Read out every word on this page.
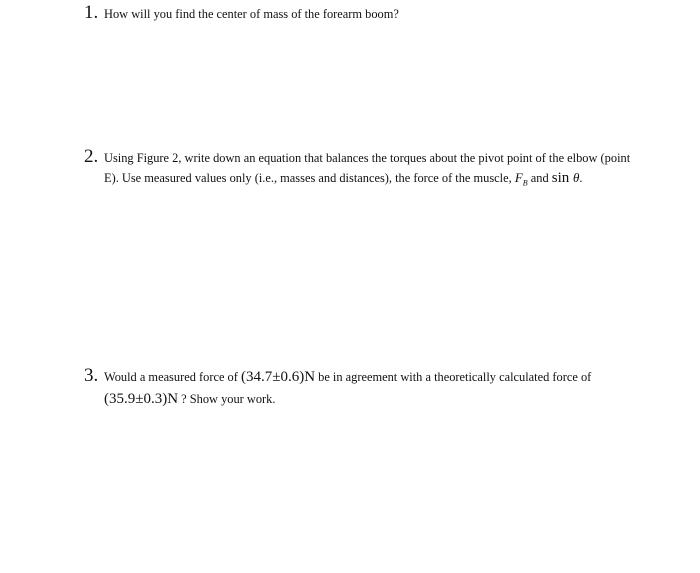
1. How will you find the center of mass of the forearm boom?
2. Using Figure 2, write down an equation that balances the torques about the pivot point of the elbow (point
E). Use measured values only (i.e., masses and distances), the force of the muscle, $F_B$ and sin θ.
3. Would a measured force of (34.7±0.6)N be in agreement with a theoretically calculated force of
(35.9±0.3)N ? Show your work.
